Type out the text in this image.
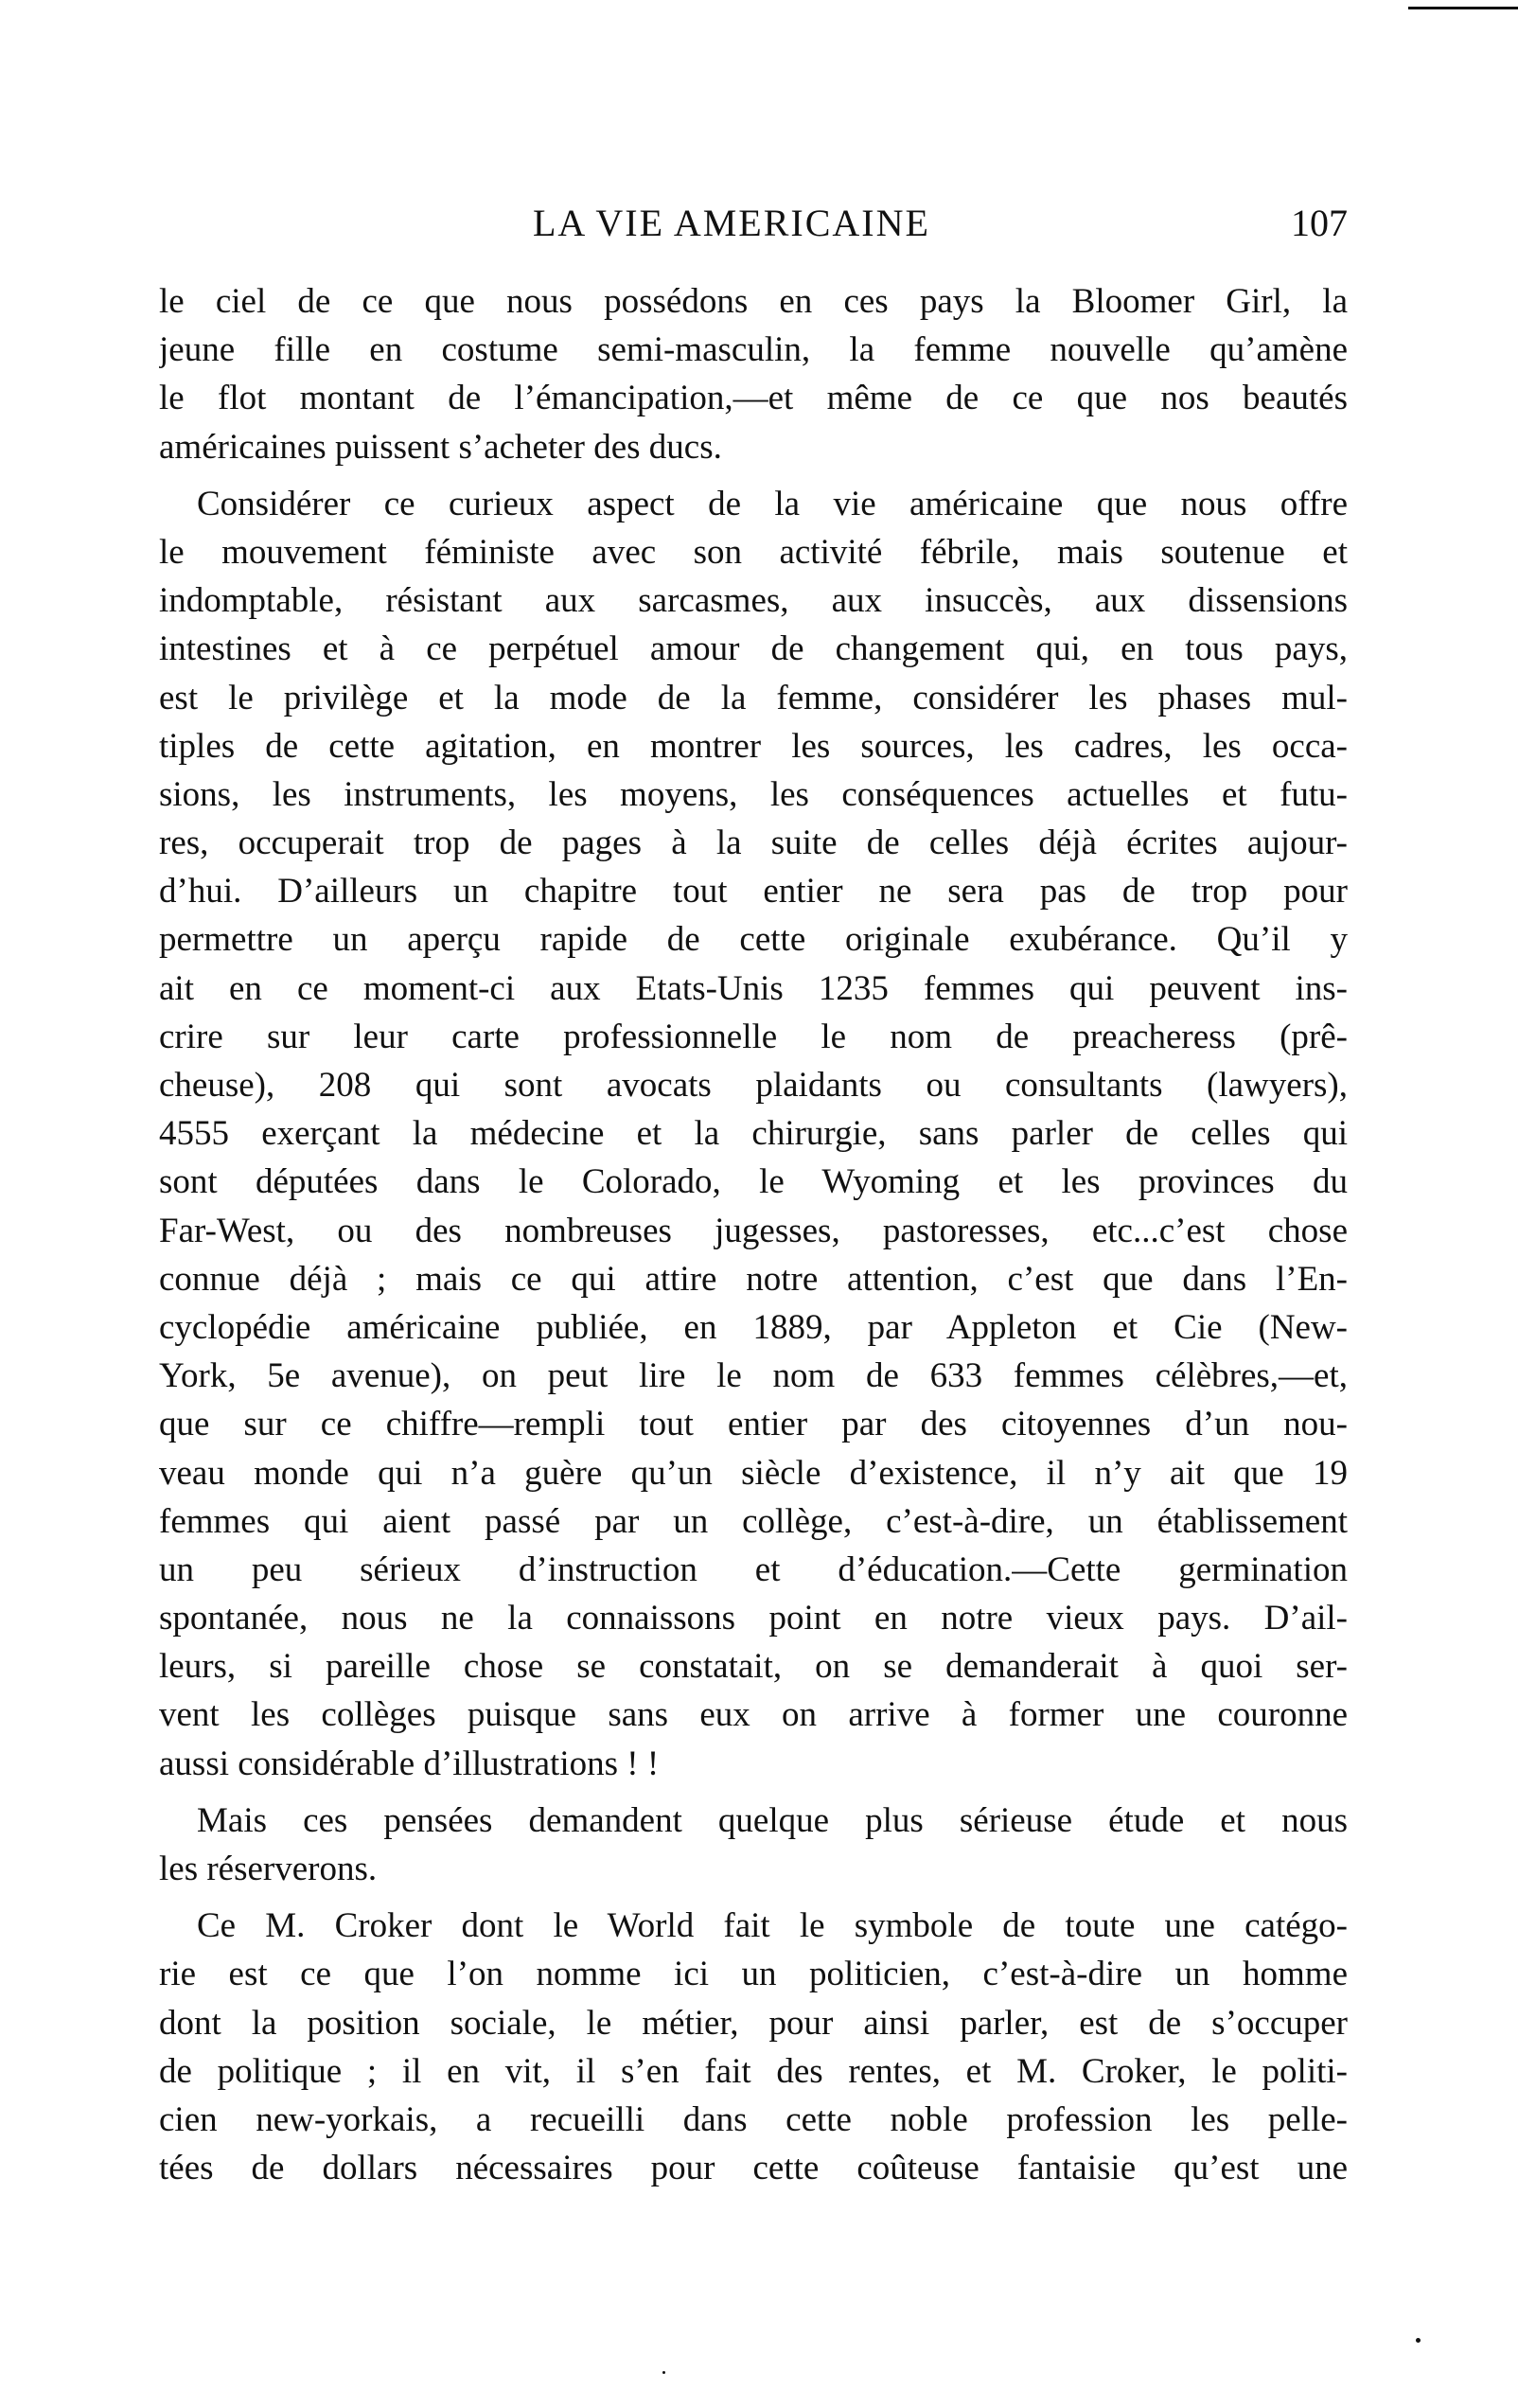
LA VIE AMERICAINE	107
le ciel de ce que nous possédons en ces pays la Bloomer Girl, la
jeune fille en costume semi-masculin, la femme nouvelle qu’amène
le flot montant de l’émancipation,—et même de ce que nos beautés
américaines puissent s’acheter des ducs.
Considérer ce curieux aspect de la vie américaine que nous offre
le mouvement féministe avec son activité fébrile, mais soutenue et
indomptable, résistant aux sarcasmes, aux insuccès, aux dissensions
intestines et à ce perpétuel amour de changement qui, en tous pays,
est le privilège et la mode de la femme, considérer les phases mul-
tiples de cette agitation, en montrer les sources, les cadres, les occa-
sions, les instruments, les moyens, les conséquences actuelles et futu-
res, occuperait trop de pages à la suite de celles déjà écrites aujour-
d’hui. D’ailleurs un chapitre tout entier ne sera pas de trop pour
permettre un aperçu rapide de cette originale exubérance. Qu’il y
ait en ce moment-ci aux Etats-Unis 1235 femmes qui peuvent ins-
crire sur leur carte professionnelle le nom de preacheress (prê-
cheuse), 208 qui sont avocats plaidants ou consultants (lawyers),
4555 exerçant la médecine et la chirurgie, sans parler de celles qui
sont députées dans le Colorado, le Wyoming et les provinces du
Far-West, ou des nombreuses jugesses, pastoresses, etc...c’est chose
connue déjà ; mais ce qui attire notre attention, c’est que dans l’En-
cyclopédie américaine publiée, en 1889, par Appleton et Cie (New-
York, 5e avenue), on peut lire le nom de 633 femmes célèbres,—et,
que sur ce chiffre—rempli tout entier par des citoyennes d’un nou-
veau monde qui n’a guère qu’un siècle d’existence, il n’y ait que 19
femmes qui aient passé par un collège, c’est-à-dire, un établissement
un peu sérieux d’instruction et d’éducation.—Cette germination
spontanée, nous ne la connaissons point en notre vieux pays. D’ail-
leurs, si pareille chose se constatait, on se demanderait à quoi ser-
vent les collèges puisque sans eux on arrive à former une couronne
aussi considérable d’illustrations ! !
Mais ces pensées demandent quelque plus sérieuse étude et nous
les réserverons.
Ce M. Croker dont le World fait le symbole de toute une catégo-
rie est ce que l’on nomme ici un politicien, c’est-à-dire un homme
dont la position sociale, le métier, pour ainsi parler, est de s’occuper
de politique ; il en vit, il s’en fait des rentes, et M. Croker, le politi-
cien new-yorkais, a recueilli dans cette noble profession les pelle-
tées de dollars nécessaires pour cette coûteuse fantaisie qu’est une
